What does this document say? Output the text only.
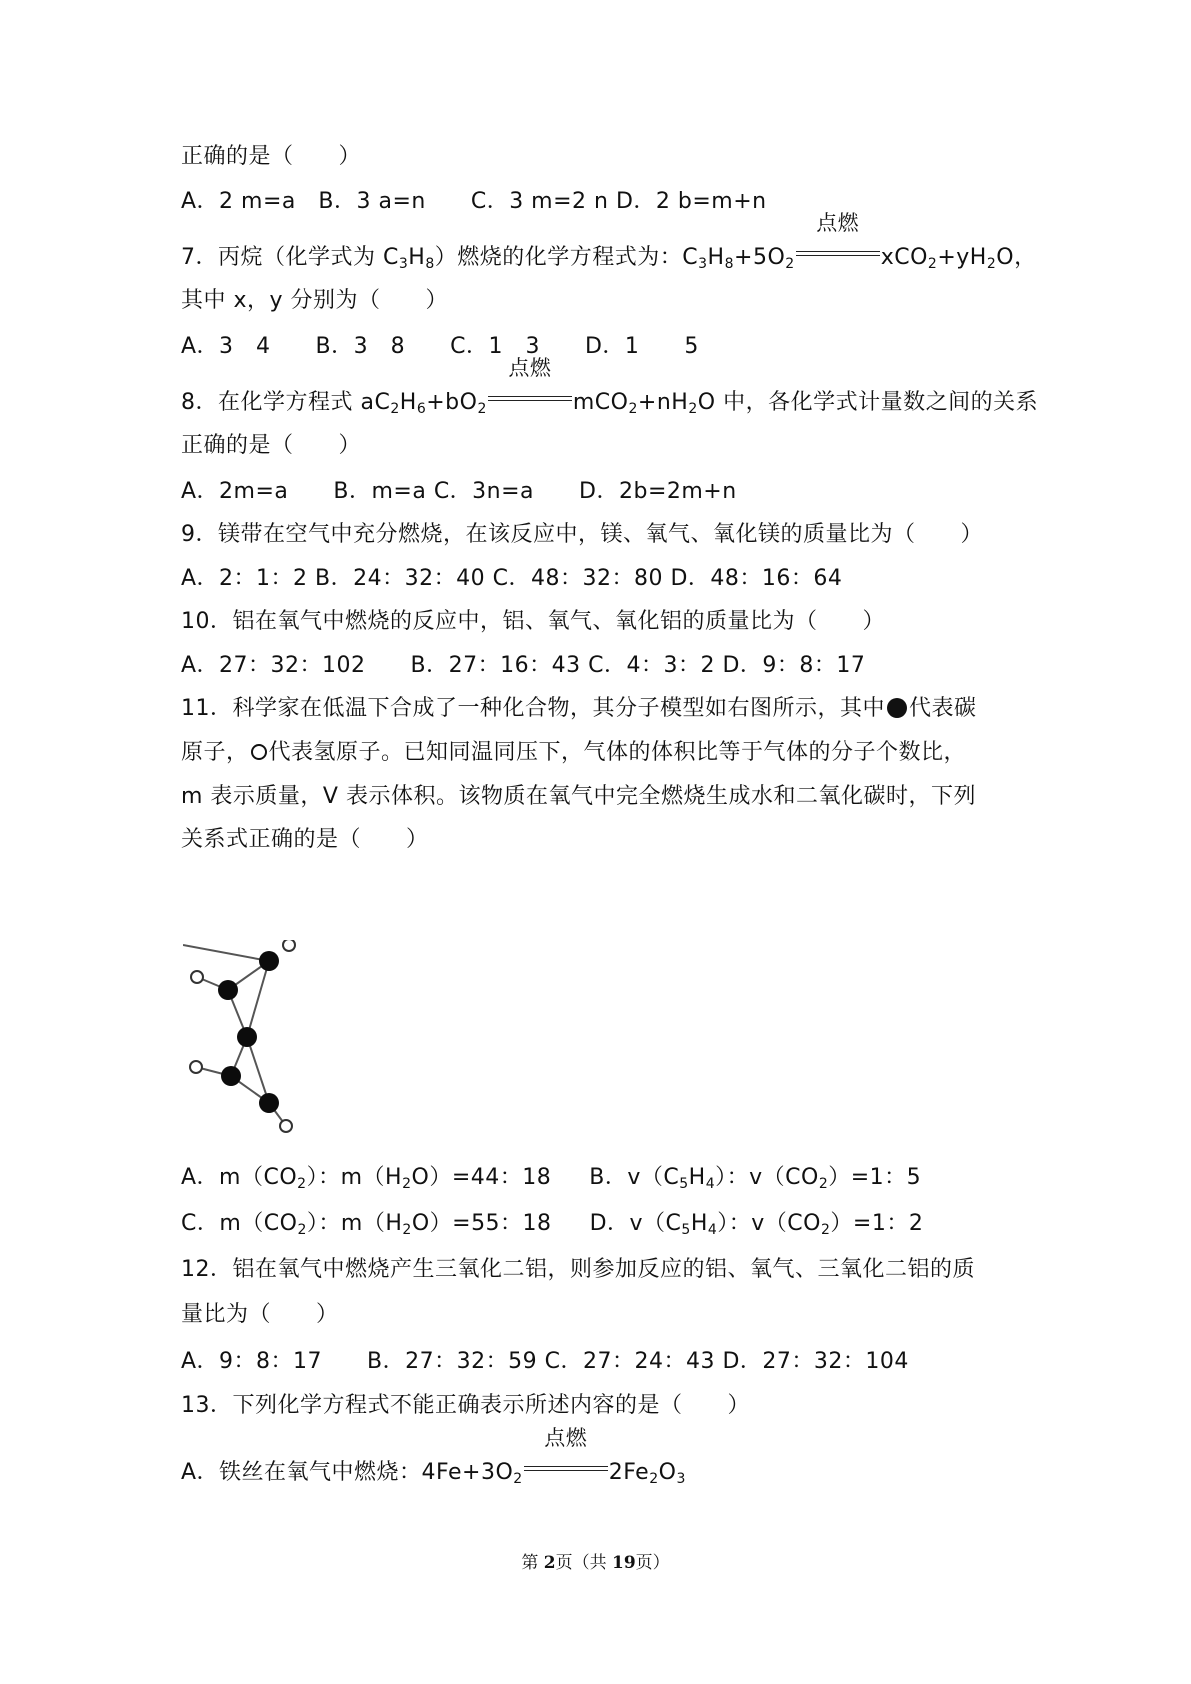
正确的是（　　）
A．2 m=a　B．3 a=n　　C．3 m=2 n D．2 b=m+n
7．丙烷（化学式为 $C_3H_8$）燃烧的化学方程式为：$C_3H_8+5O_2$
点燃
$xCO_2+yH_2O$，
其中 x，y 分别为（　　）
A．3　4　　B．3　8　　C．1　3　　D．1　　5
8．在化学方程式 $aC_2H_6+bO_2$
点燃
$mCO_2+nH_2O$ 中，各化学式计量数之间的关系
正确的是（　　）
A．2m=a　　B．m=a C．3n=a　　D．2b=2m+n
9．镁带在空气中充分燃烧，在该反应中，镁、氧气、氧化镁的质量比为（　　）
A．2：1：2 B．24：32：40 C．48：32：80 D．48：16：64
10．铝在氧气中燃烧的反应中，铝、氧气、氧化铝的质量比为（　　）
A．27：32：102　　B．27：16：43 C．4：3：2 D．9：8：17
11．科学家在低温下合成了一种化合物，其分子模型如右图所示，其中 代表碳
原子， 代表氢原子。已知同温同压下，气体的体积比等于气体的分子个数比，
m 表示质量，V 表示体积。该物质在氧气中完全燃烧生成水和二氧化碳时，下列
关系式正确的是（　　）
A．$m(CO_2)$：$m(H_2O)=44$：18 B．$v(C_5H_4)$：$v(CO_2)=1$：5
C．$m(CO_2)$：$m(H_2O)=55$：18 D．$v(C_5H_4)$：$v(CO_2)=1$：2
12．铝在氧气中燃烧产生三氧化二铝，则参加反应的铝、氧气、三氧化二铝的质
量比为（　　）
A．9：8：17　　B．27：32：59 C．27：24：43 D．27：32：104
13．下列化学方程式不能正确表示所述内容的是（　　）
A．铁丝在氧气中燃烧：$4Fe+3O_2$
点燃
$2Fe_2O_3$
第 2页（共 19页）
